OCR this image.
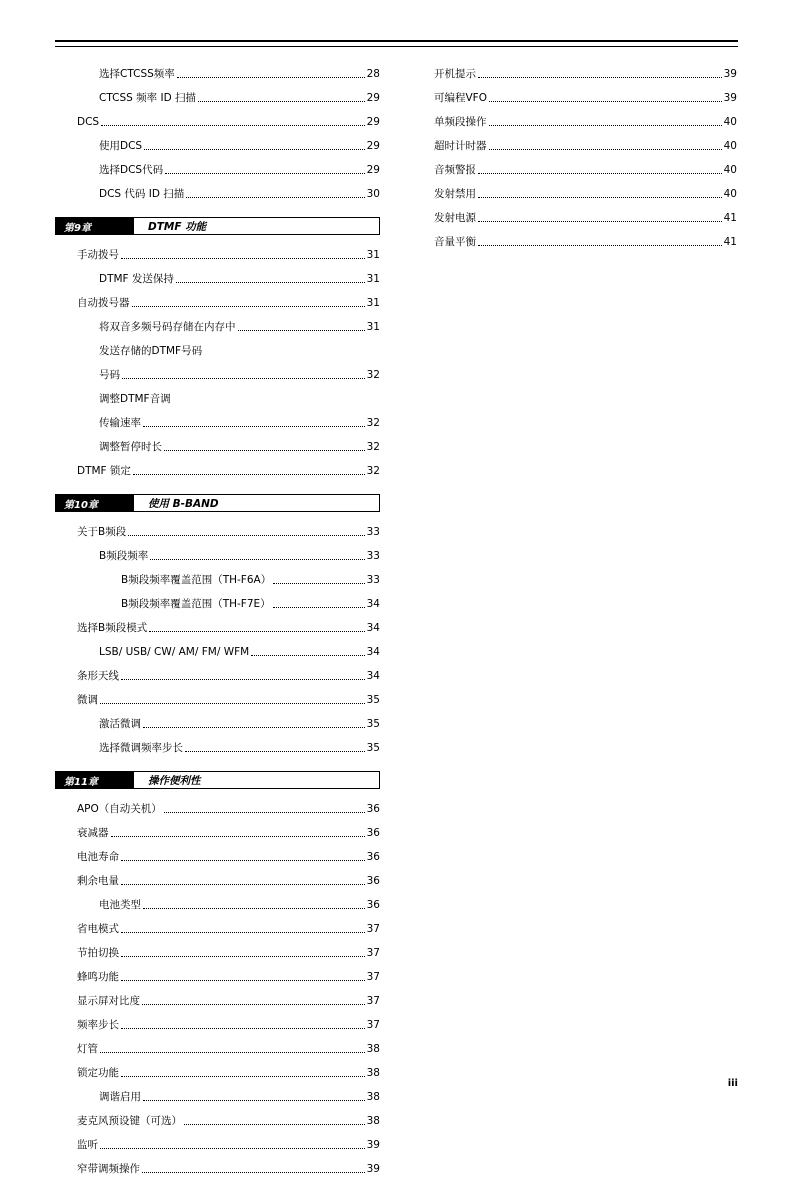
选择CTCSS频率	28
CTCSS 频率 ID 扫描	29
DCS	29
使用DCS	29
选择DCS代码	29
DCS 代码 ID 扫描	30
第9章	DTMF 功能
手动拨号	31
DTMF 发送保持	31
自动拨号器	31
将双音多频号码存储在内存中	31
发送存储的DTMF号码
号码	32
调整DTMF音调
传输速率	32
调整暂停时长	32
DTMF 锁定	32
第10章	使用 B-BAND
关于B频段	33
B频段频率	33
B频段频率覆盖范围（TH-F6A）	33
B频段频率覆盖范围（TH-F7E）	34
选择B频段模式	34
LSB/ USB/ CW/ AM/ FM/ WFM	34
条形天线	34
微调	35
激活微调	35
选择微调频率步长	35
第11章	操作便利性
APO（自动关机）	36
衰减器	36
电池寿命	36
剩余电量	36
电池类型	36
省电模式	37
节拍切换	37
蜂鸣功能	37
显示屏对比度	37
频率步长	37
灯管	38
锁定功能	38
调谐启用	38
麦克风预设键（可选）	38
监听	39
窄带调频操作	39
开机提示	39
可编程VFO	39
单频段操作	40
超时计时器	40
音频警报	40
发射禁用	40
发射电源	41
音量平衡	41
iii
